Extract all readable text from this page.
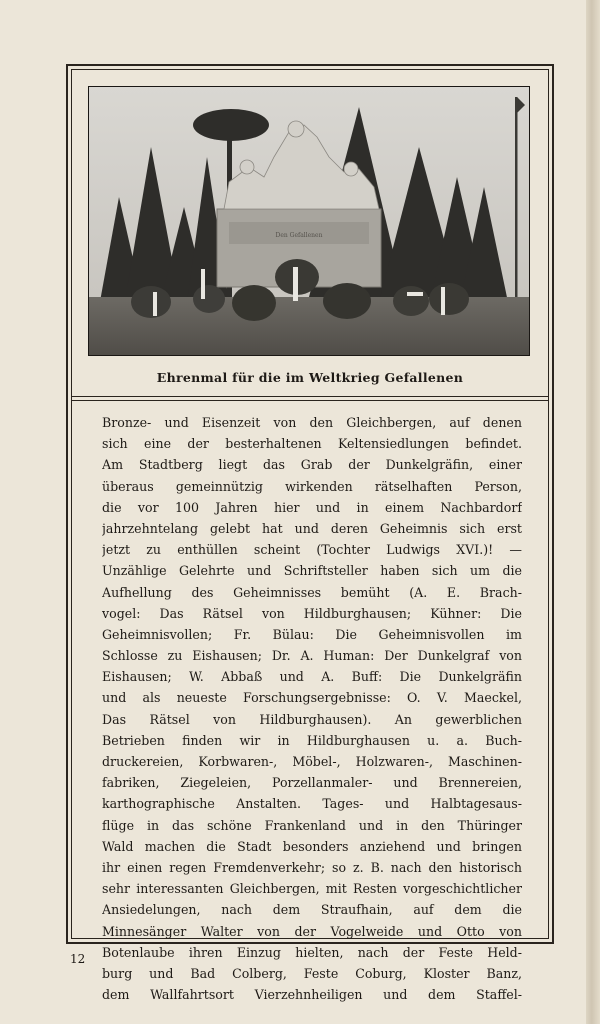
Den Gefallenen
Ehrenmal für die im Weltkrieg Gefallenen
Bronze- und Eisenzeit von den Gleichbergen, auf denen
sich eine der besterhaltenen Keltensiedlungen befindet.
Am Stadtberg liegt das Grab der Dunkelgräfin, einer
überaus gemeinnützig wirkenden rätselhaften Person,
die vor 100 Jahren hier und in einem Nachbardorf
jahrzehntelang gelebt hat und deren Geheimnis sich erst
jetzt zu enthüllen scheint (Tochter Ludwigs XVI.)! —
Unzählige Gelehrte und Schriftsteller haben sich um die
Aufhellung des Geheimnisses bemüht (A. E. Brach-
vogel: Das Rätsel von Hildburghausen; Kühner: Die
Geheimnisvollen; Fr. Bülau: Die Geheimnisvollen im
Schlosse zu Eishausen; Dr. A. Human: Der Dunkelgraf von
Eishausen; W. Abbaß und A. Buff: Die Dunkelgräfin
und als neueste Forschungsergebnisse: O. V. Maeckel,
Das Rätsel von Hildburghausen). An gewerblichen
Betrieben finden wir in Hildburghausen u. a. Buch-
druckereien, Korbwaren-, Möbel-, Holzwaren-, Maschinen-
fabriken, Ziegeleien, Porzellanmaler- und Brennereien,
karthographische Anstalten. Tages- und Halbtagesaus-
flüge in das schöne Frankenland und in den Thüringer
Wald machen die Stadt besonders anziehend und bringen
ihr einen regen Fremdenverkehr; so z. B. nach den historisch
sehr interessanten Gleichbergen, mit Resten vorgeschichtlicher
Ansiedelungen, nach dem Straufhain, auf dem die
Minnesänger Walter von der Vogelweide und Otto von
Botenlaube ihren Einzug hielten, nach der Feste Held-
burg und Bad Colberg, Feste Coburg, Kloster Banz,
dem Wallfahrtsort Vierzehnheiligen und dem Staffel-
12
